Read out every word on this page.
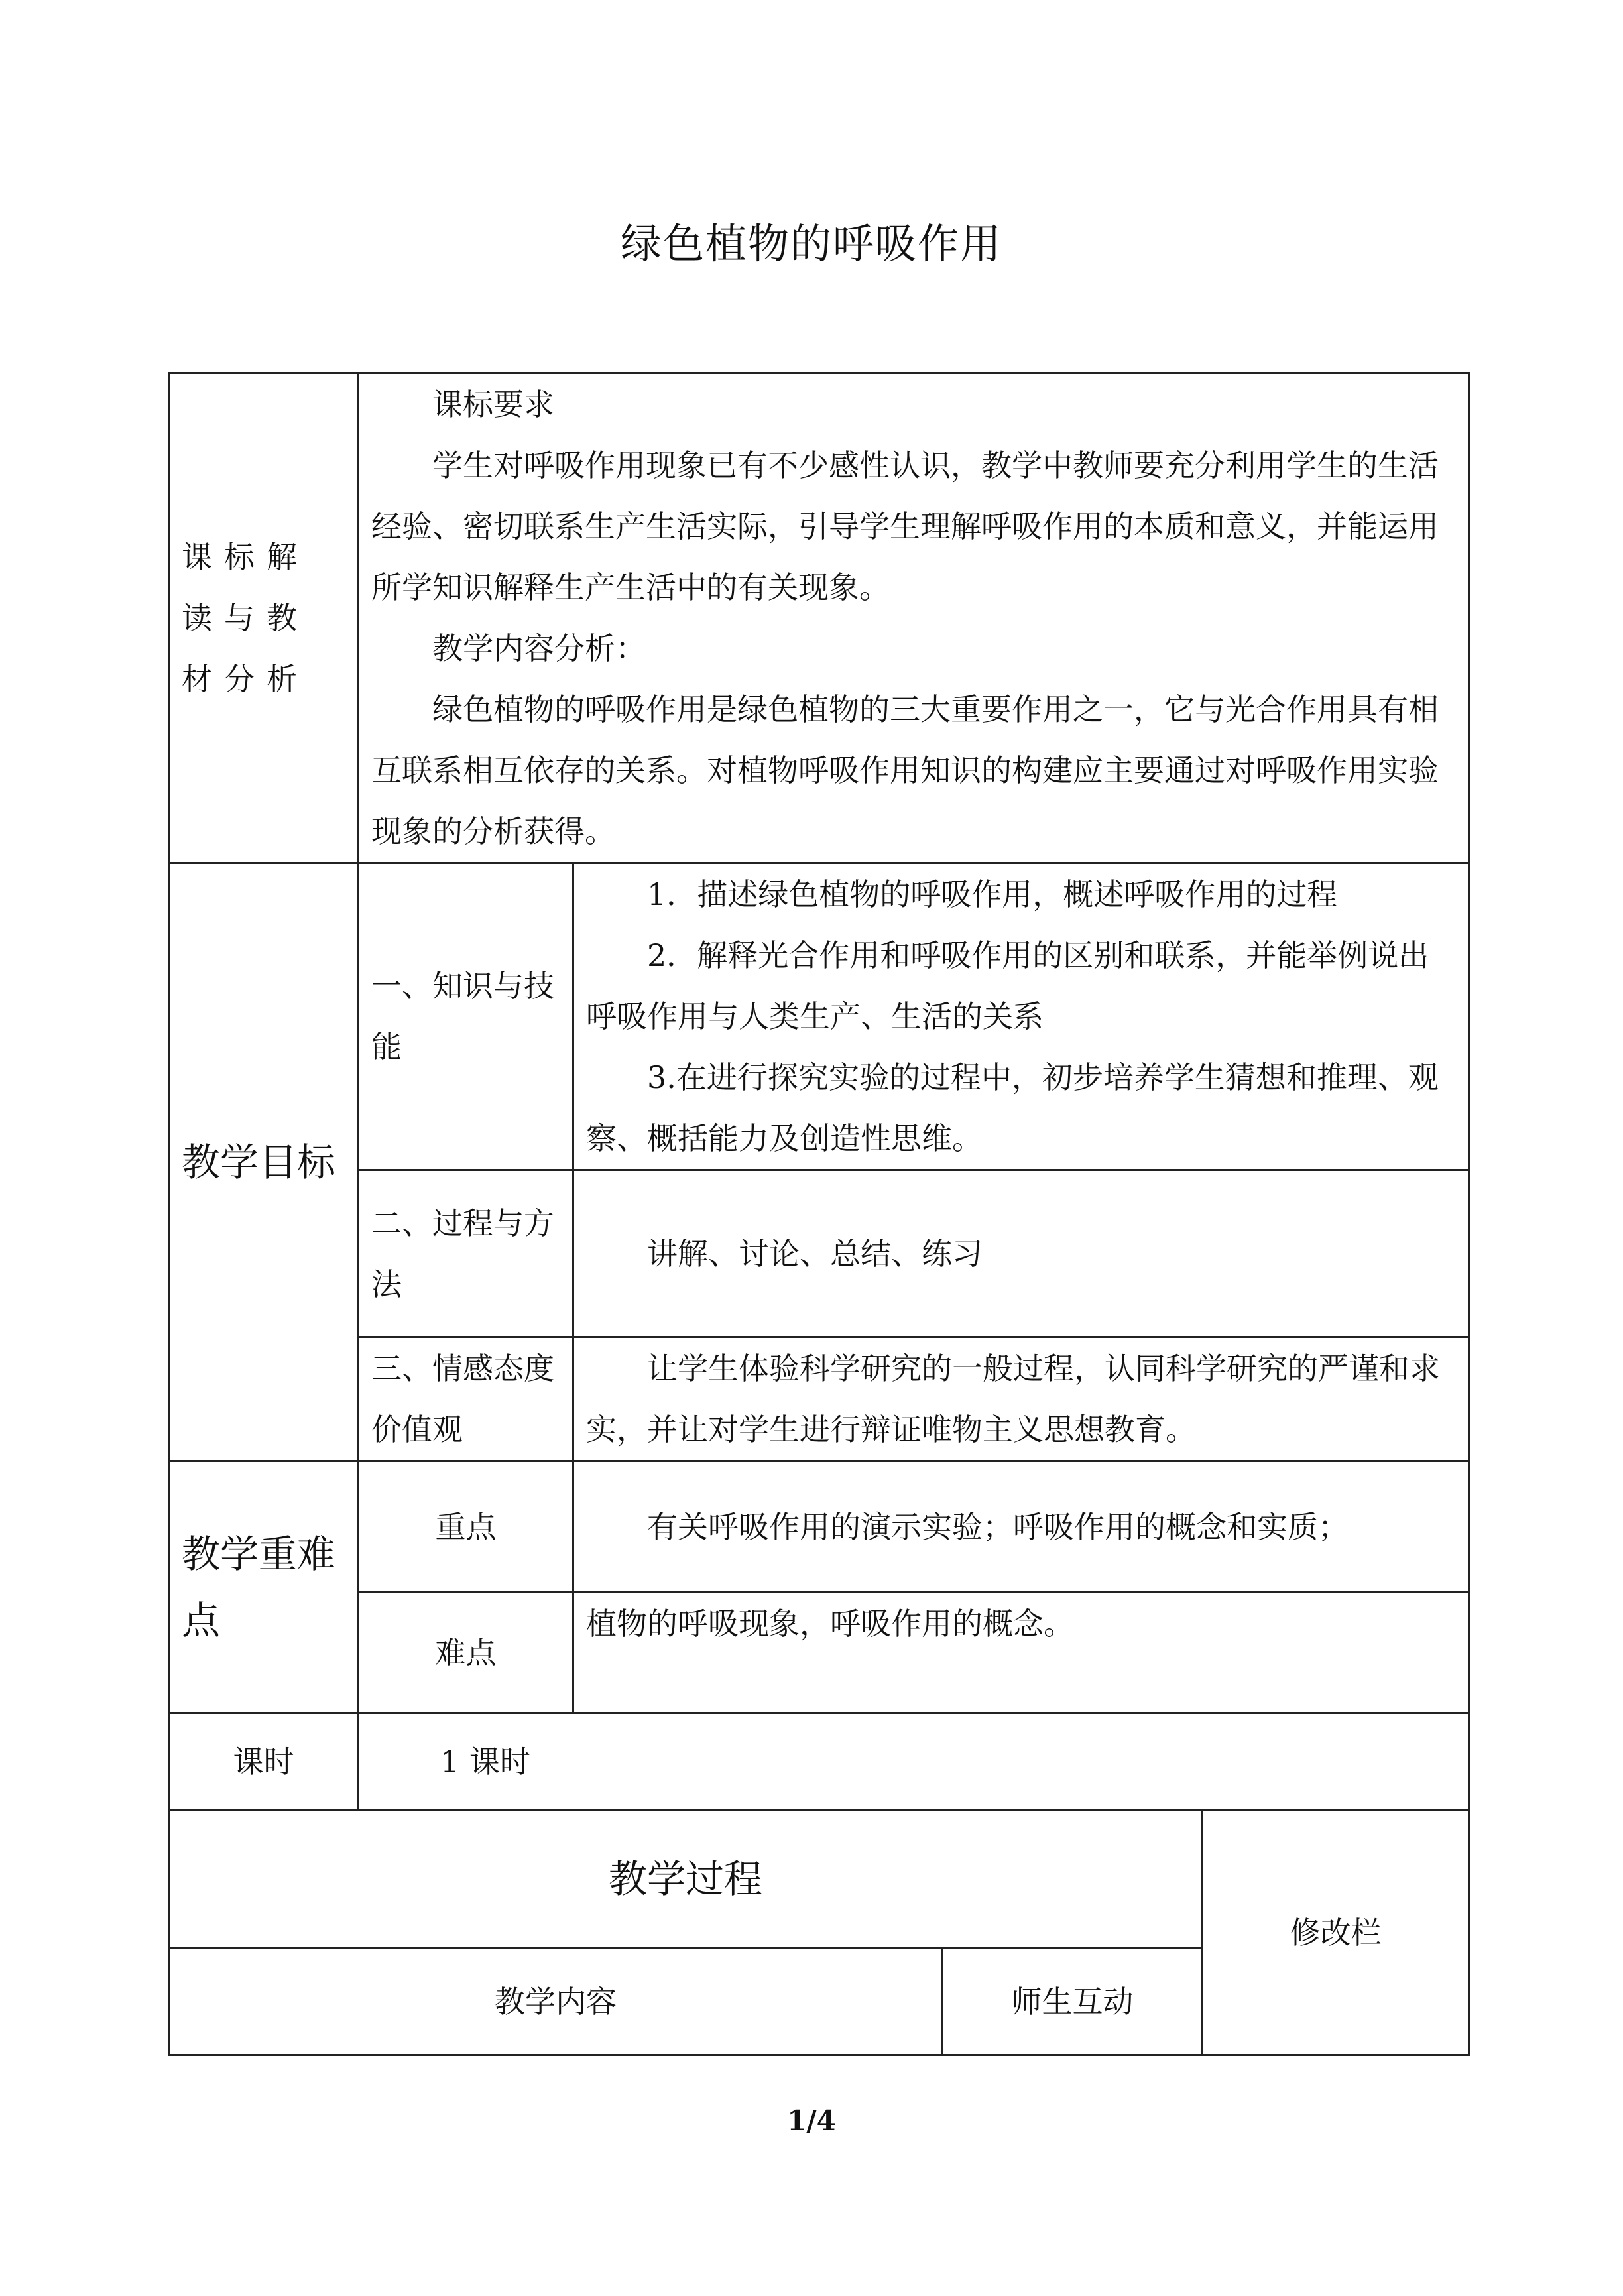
绿色植物的呼吸作用
课标解读与教材分析	课标要求

学生对呼吸作用现象已有不少感性认识，教学中教师要充分利用学生的生活经验、密切联系生产生活实际，引导学生理解呼吸作用的本质和意义，并能运用所学知识解释生产生活中的有关现象。

教学内容分析：

绿色植物的呼吸作用是绿色植物的三大重要作用之一，它与光合作用具有相互联系相互依存的关系。对植物呼吸作用知识的构建应主要通过对呼吸作用实验现象的分析获得。			

教学目标	一、知识与技能	1．描述绿色植物的呼吸作用，概述呼吸作用的过程

2．解释光合作用和呼吸作用的区别和联系，并能举例说出呼吸作用与人类生产、生活的关系

3.在进行探究实验的过程中，初步培养学生猜想和推理、观察、概括能力及创造性思维。		

	二、过程与方法	讲解、讨论、总结、练习		

	三、情感态度价值观	让学生体验科学研究的一般过程，认同科学研究的严谨和求实，并让对学生进行辩证唯物主义思想教育。		

教学重难点	重点	有关呼吸作用的演示实验；呼吸作用的概念和实质；		

	难点	植物的呼吸现象，呼吸作用的概念。		

课时	1 课时			
教学过程				修改栏
教学内容			师生互动	
1/4
